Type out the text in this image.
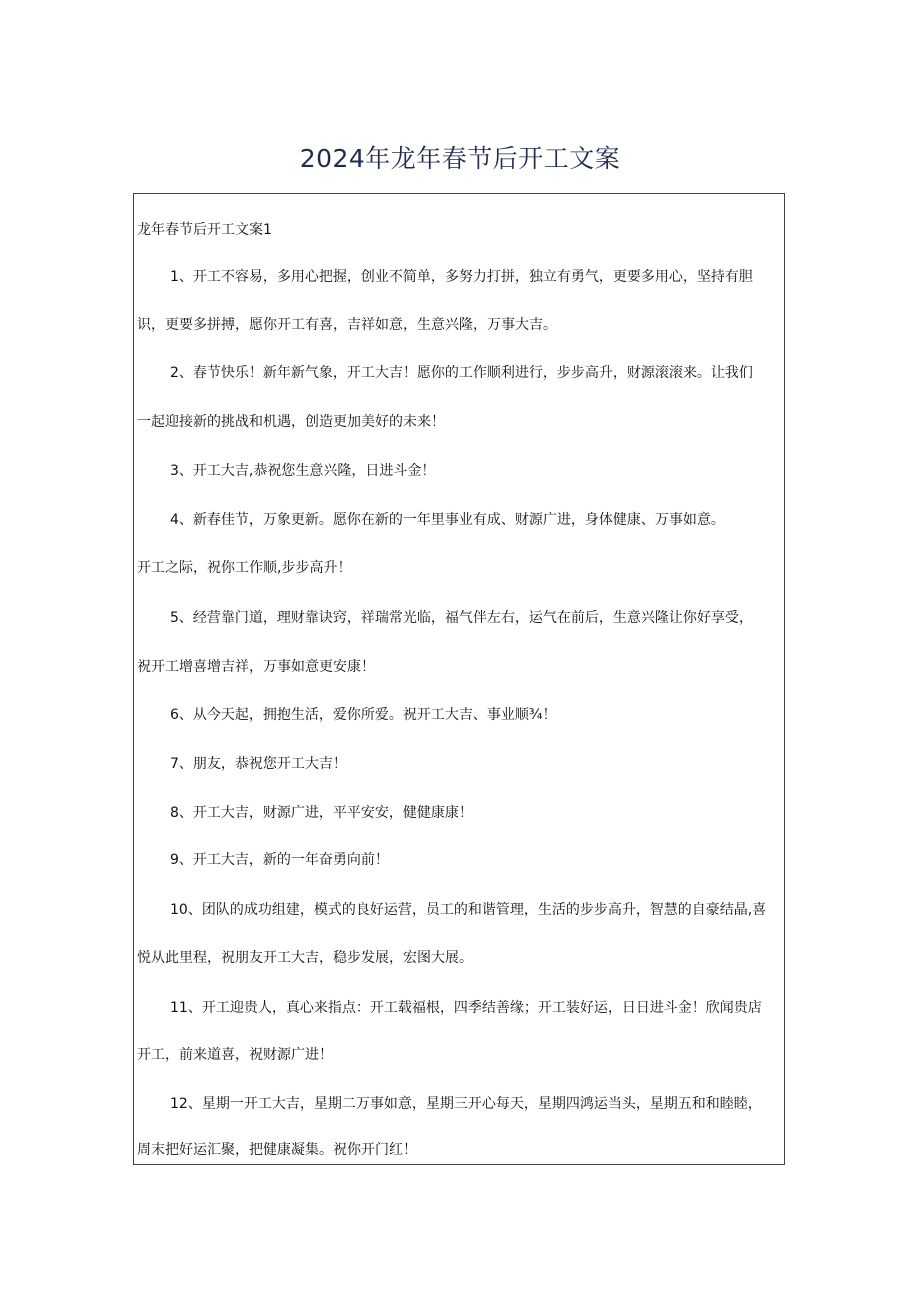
2024年龙年春节后开工文案

龙年春节后开工文案1

1、开工不容易，多用心把握，创业不简单，多努力打拼，独立有勇气，更要多用心，坚持有胆

识，更要多拼搏，愿你开工有喜，吉祥如意，生意兴隆，万事大吉。

2、春节快乐！新年新气象，开工大吉！愿你的工作顺利进行，步步高升，财源滚滚来。让我们

一起迎接新的挑战和机遇，创造更加美好的未来！

3、开工大吉,恭祝您生意兴隆，日进斗金！

4、新春佳节，万象更新。愿你在新的一年里事业有成、财源广进，身体健康、万事如意。

开工之际，祝你工作顺,步步高升！

5、经营靠门道，理财靠诀窍，祥瑞常光临，福气伴左右，运气在前后，生意兴隆让你好享受，

祝开工增喜增吉祥，万事如意更安康！

6、从今天起，拥抱生活，爱你所爱。祝开工大吉、事业顺¾！

7、朋友，恭祝您开工大吉！

8、开工大吉，财源广进，平平安安，健健康康！

9、开工大吉，新的一年奋勇向前！

10、团队的成功组建，模式的良好运营，员工的和谐管理，生活的步步高升，智慧的自豪结晶,喜

悦从此里程，祝朋友开工大吉，稳步发展，宏图大展。

11、开工迎贵人，真心来指点：开工载福根，四季结善缘；开工装好运，日日进斗金！欣闻贵店

开工，前来道喜，祝财源广进！

12、星期一开工大吉，星期二万事如意，星期三开心每天，星期四鸿运当头，星期五和和睦睦，

周末把好运汇聚，把健康凝集。祝你开门红！
